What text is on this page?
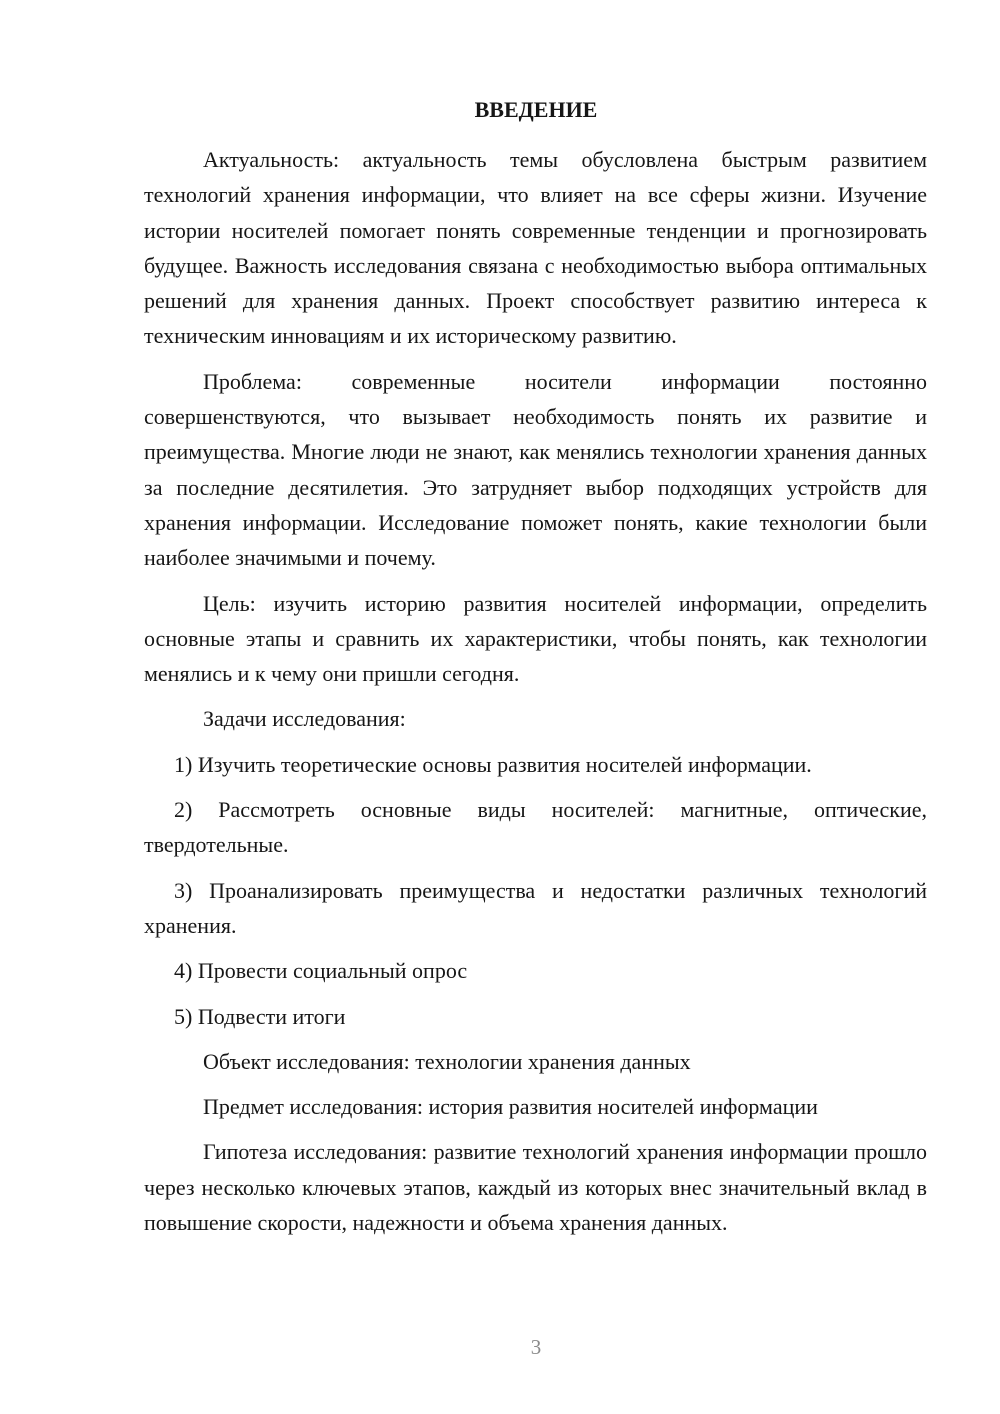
ВВЕДЕНИЕ

Актуальность: актуальность темы обусловлена быстрым развитием технологий хранения информации, что влияет на все сферы жизни. Изучение истории носителей помогает понять современные тенденции и прогнозировать будущее. Важность исследования связана с необходимостью выбора оптимальных решений для хранения данных. Проект способствует развитию интереса к техническим инновациям и их историческому развитию.

Проблема: современные носители информации постоянно совершенствуются, что вызывает необходимость понять их развитие и преимущества. Многие люди не знают, как менялись технологии хранения данных за последние десятилетия. Это затрудняет выбор подходящих устройств для хранения информации. Исследование поможет понять, какие технологии были наиболее значимыми и почему.

Цель: изучить историю развития носителей информации, определить основные этапы и сравнить их характеристики, чтобы понять, как технологии менялись и к чему они пришли сегодня.

Задачи исследования:

1) Изучить теоретические основы развития носителей информации.

2) Рассмотреть основные виды носителей: магнитные, оптические, твердотельные.

3) Проанализировать преимущества и недостатки различных технологий хранения.

4) Провести социальный опрос

5) Подвести итоги

Объект исследования: технологии хранения данных

Предмет исследования: история развития носителей информации

Гипотеза исследования: развитие технологий хранения информации прошло через несколько ключевых этапов, каждый из которых внес значительный вклад в повышение скорости, надежности и объема хранения данных.

3
